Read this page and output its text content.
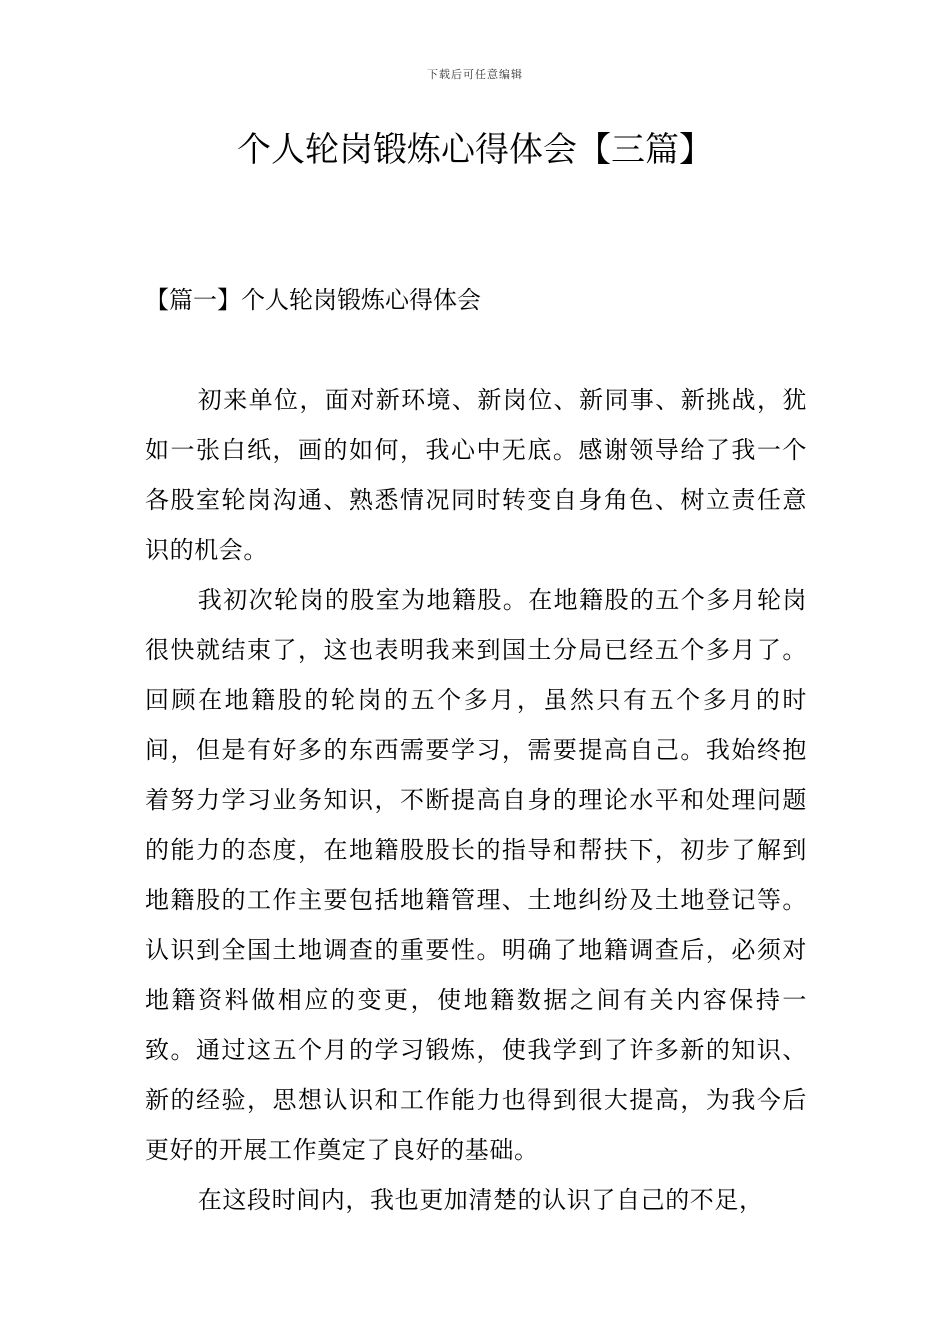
下载后可任意编辑
个人轮岗锻炼心得体会【三篇】
【篇一】个人轮岗锻炼心得体会

初来单位，面对新环境、新岗位、新同事、新挑战，犹如一张白纸，画的如何，我心中无底。感谢领导给了我一个各股室轮岗沟通、熟悉情况同时转变自身角色、树立责任意识的机会。

我初次轮岗的股室为地籍股。在地籍股的五个多月轮岗很快就结束了，这也表明我来到国土分局已经五个多月了。回顾在地籍股的轮岗的五个多月，虽然只有五个多月的时间，但是有好多的东西需要学习，需要提高自己。我始终抱着努力学习业务知识，不断提高自身的理论水平和处理问题的能力的态度，在地籍股股长的指导和帮扶下，初步了解到地籍股的工作主要包括地籍管理、土地纠纷及土地登记等。认识到全国土地调查的重要性。明确了地籍调查后，必须对地籍资料做相应的变更，使地籍数据之间有关内容保持一致。通过这五个月的学习锻炼，使我学到了许多新的知识、新的经验，思想认识和工作能力也得到很大提高，为我今后更好的开展工作奠定了良好的基础。

在这段时间内，我也更加清楚的认识了自己的不足，
